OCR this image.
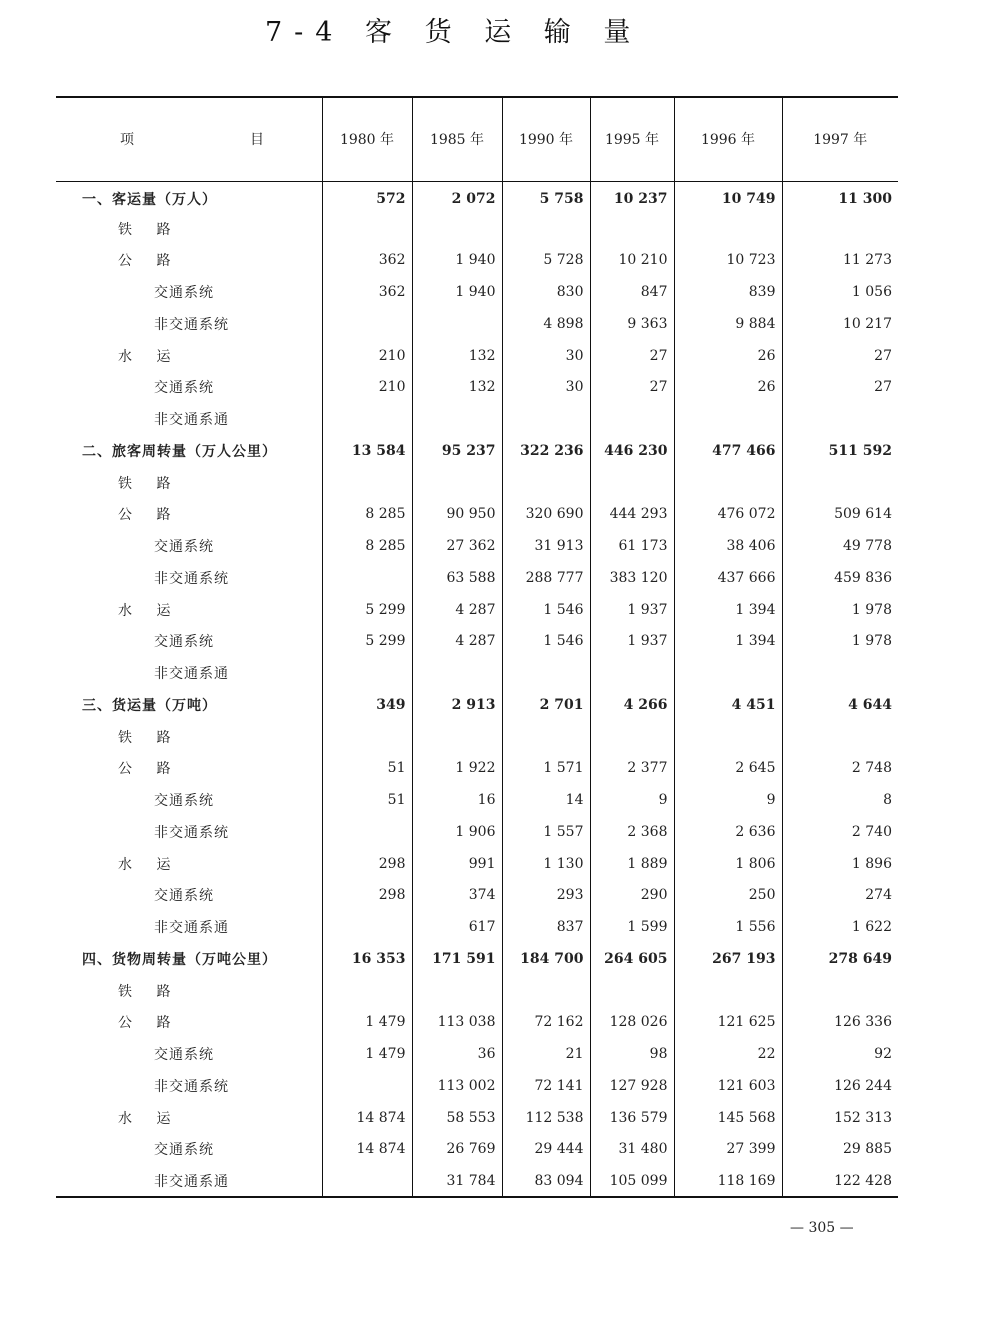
7-4 客 货 运 输 量
项 目	1980 年	1985 年	1990 年	1995 年	1996 年	1997 年
一、客运量（万人）	572	2 072	5 758	10 237	10 749	11 300
铁 路						
公 路	362	1 940	5 728	10 210	10 723	11 273
交通系统	362	1 940	830	847	839	1 056
非交通系统			4 898	9 363	9 884	10 217
水 运	210	132	30	27	26	27
交通系统	210	132	30	27	26	27
非交通系通						
二、旅客周转量（万人公里）	13 584	95 237	322 236	446 230	477 466	511 592
铁 路						
公 路	8 285	90 950	320 690	444 293	476 072	509 614
交通系统	8 285	27 362	31 913	61 173	38 406	49 778
非交通系统		63 588	288 777	383 120	437 666	459 836
水 运	5 299	4 287	1 546	1 937	1 394	1 978
交通系统	5 299	4 287	1 546	1 937	1 394	1 978
非交通系通						
三、货运量（万吨）	349	2 913	2 701	4 266	4 451	4 644
铁 路						
公 路	51	1 922	1 571	2 377	2 645	2 748
交通系统	51	16	14	9	9	8
非交通系统		1 906	1 557	2 368	2 636	2 740
水 运	298	991	1 130	1 889	1 806	1 896
交通系统	298	374	293	290	250	274
非交通系通		617	837	1 599	1 556	1 622
四、货物周转量（万吨公里）	16 353	171 591	184 700	264 605	267 193	278 649
铁 路						
公 路	1 479	113 038	72 162	128 026	121 625	126 336
交通系统	1 479	36	21	98	22	92
非交通系统		113 002	72 141	127 928	121 603	126 244
水 运	14 874	58 553	112 538	136 579	145 568	152 313
交通系统	14 874	26 769	29 444	31 480	27 399	29 885
非交通系通		31 784	83 094	105 099	118 169	122 428
— 305 —
